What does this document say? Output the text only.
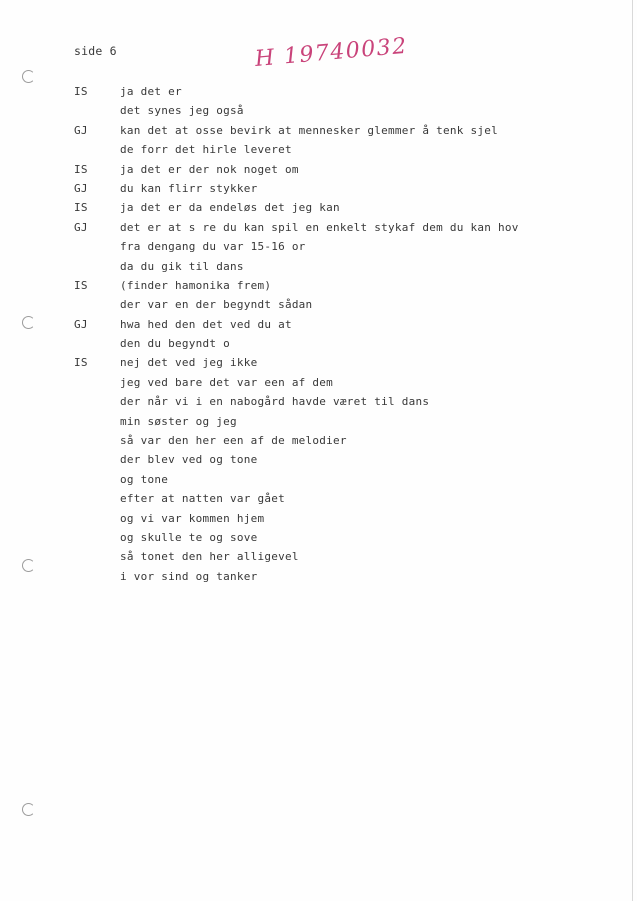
side 6	H 19740032
IS	ja det er
det synes jeg også
GJ	kan det at osse bevirk at mennesker glemmer å tenk sjel
de forr det hirle leveret
IS	ja det er der nok noget om
GJ	du kan flirr stykker
IS	ja det er da endeløs det jeg kan
GJ	det er at s re du kan spil en enkelt stykaf dem du kan hov
fra dengang du var 15-16 or
da du gik til dans
IS	(finder hamonika frem)
der var en der begyndt sådan
GJ	hwa hed den det ved du at
den du begyndt o
IS	nej det ved jeg ikke
jeg ved bare det var een af dem
der når vi i en nabogård havde været til dans
min søster og jeg
så var den her een af de melodier
der blev ved og tone
og tone
efter at natten var gået
og vi var kommen hjem
og skulle te og sove
så tonet den her alligevel
i vor sind og tanker
